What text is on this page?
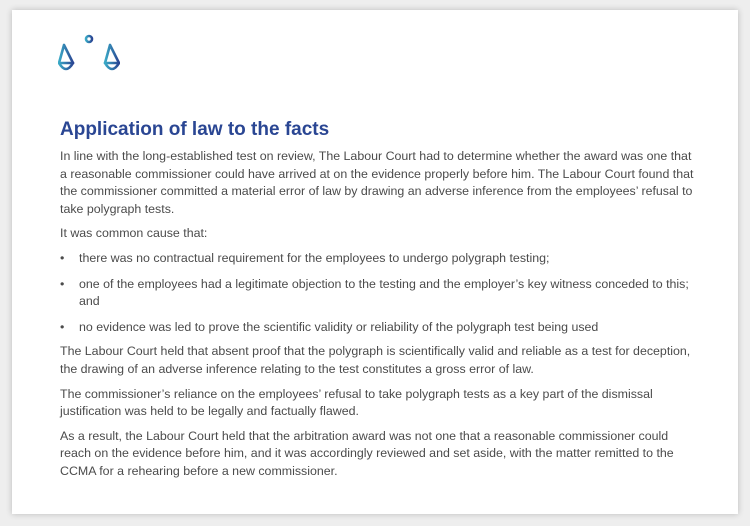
Application of law to the facts

In line with the long-established test on review, The Labour Court had to determine whether the award was one that a reasonable commissioner could have arrived at on the evidence properly before him. The Labour Court found that the commissioner committed a material error of law by drawing an adverse inference from the employees’ refusal to take polygraph tests.

It was common cause that:

• there was no contractual requirement for the employees to undergo polygraph testing;
• one of the employees had a legitimate objection to the testing and the employer’s key witness conceded to this; and
• no evidence was led to prove the scientific validity or reliability of the polygraph test being used

The Labour Court held that absent proof that the polygraph is scientifically valid and reliable as a test for deception, the drawing of an adverse inference relating to the test constitutes a gross error of law.

The commissioner’s reliance on the employees’ refusal to take polygraph tests as a key part of the dismissal justification was held to be legally and factually flawed.

As a result, the Labour Court held that the arbitration award was not one that a reasonable commissioner could reach on the evidence before him, and it was accordingly reviewed and set aside, with the matter remitted to the CCMA for a rehearing before a new commissioner.
